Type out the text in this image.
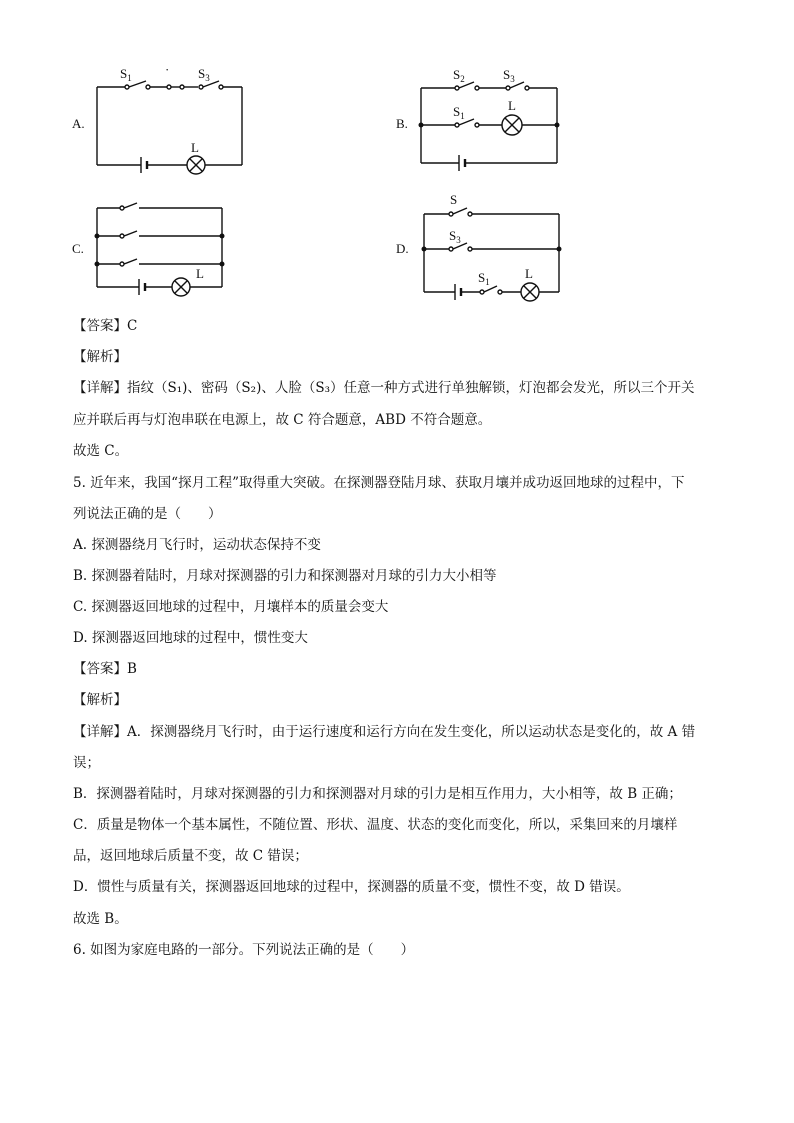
A.	B.
C.	D.
$S_1$
· $S_3$
L
$S_2$	$S_3$
$S_1$
L
L
S
$S_3$
$S_1$
L
【答案】C
【解析】
【详解】指纹（S₁)、密码（S₂)、人脸（S₃）任意一种方式进行单独解锁，灯泡都会发光，所以三个开关
应并联后再与灯泡串联在电源上，故 C 符合题意，ABD 不符合题意。
故选 C。
5. 近年来，我国“探月工程”取得重大突破。在探测器登陆月球、获取月壤并成功返回地球的过程中，下
列说法正确的是（　　）
A. 探测器绕月飞行时，运动状态保持不变
B. 探测器着陆时，月球对探测器的引力和探测器对月球的引力大小相等
C. 探测器返回地球的过程中，月壤样本的质量会变大
D. 探测器返回地球的过程中，惯性变大
【答案】B
【解析】
【详解】A．探测器绕月飞行时，由于运行速度和运行方向在发生变化，所以运动状态是变化的，故 A 错
误；
B．探测器着陆时，月球对探测器的引力和探测器对月球的引力是相互作用力，大小相等，故 B 正确；
C．质量是物体一个基本属性，不随位置、形状、温度、状态的变化而变化，所以，采集回来的月壤样
品，返回地球后质量不变，故 C 错误；
D．惯性与质量有关，探测器返回地球的过程中，探测器的质量不变，惯性不变，故 D 错误。
故选 B。
6. 如图为家庭电路的一部分。下列说法正确的是（　　）
